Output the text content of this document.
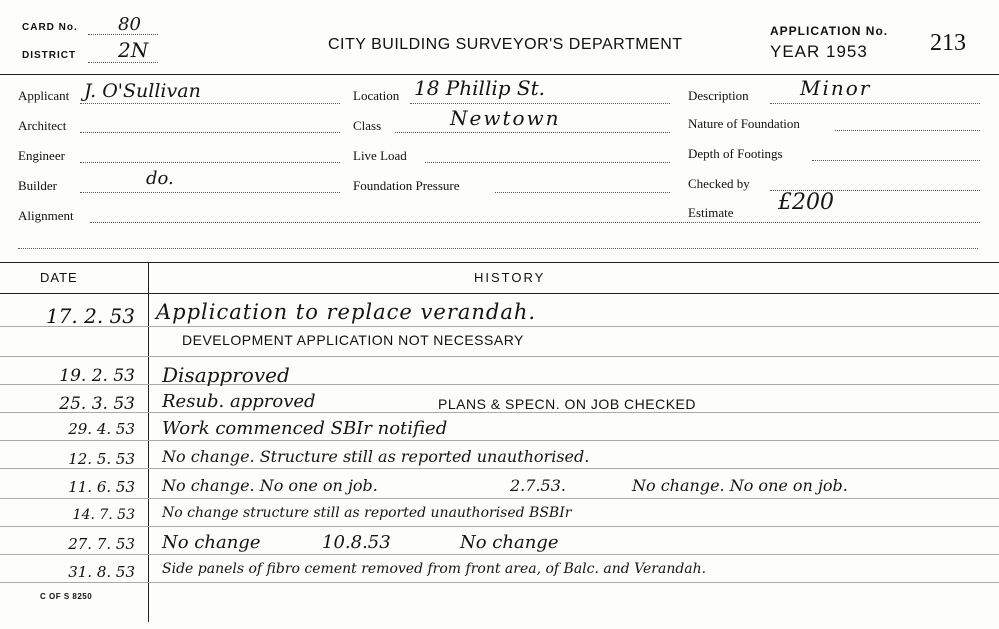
CARD No. 80
DISTRICT 2N	CITY BUILDING SURVEYOR'S DEPARTMENT
APPLICATION No.
YEAR 1953	213
Applicant J. O'Sullivan
Architect
Engineer
Builder	do.
Alignment
Location 18 Phillip St.
Class	Newtown
Live Load
Foundation Pressure
Description	Minor
Nature of Foundation
Depth of Footings
Checked by
Estimate £200
DATE	HISTORY
17. 2. 53 Application to replace verandah.
DEVELOPMENT APPLICATION NOT NECESSARY
19. 2. 53 Disapproved
25. 3. 53 Resub. approved	PLANS & SPECN. ON JOB CHECKED
29. 4. 53 Work commenced SBIr notified
12. 5. 53 No change. Structure still as reported unauthorised.
11. 6. 53 No change. No one on job.	2.7.53.	No change. No one on job.
14. 7. 53 No change structure still as reported unauthorised BSBIr
27. 7. 53 No change	10.8.53	No change
31. 8. 53 Side panels of fibro cement removed from front area, of Balc. and Verandah.
C OF S 8250
